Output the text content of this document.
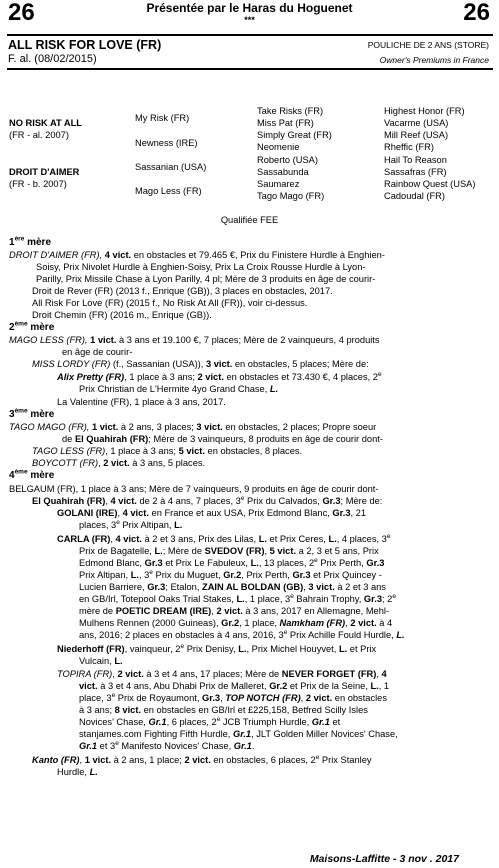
26	26
Présentée par le Haras du Hoguenet
***
ALL RISK FOR LOVE (FR)
F. al. (08/02/2015)
POULICHE DE 2 ANS (STORE)
Owner's Premiums in France
NO RISK AT ALL
(FR - al. 2007)
DROIT D'AIMER
(FR - b. 2007)
My Risk (FR)
Newness (IRE)
Sassanian (USA)
Mago Less (FR)
Take Risks (FR)
Miss Pat (FR)
Simply Great (FR)
Neomenie
Roberto (USA)
Sassabunda
Saumarez
Tago Mago (FR)
Highest Honor (FR)
Vacarme (USA)
Mill Reef (USA)
Rheffic (FR)
Hail To Reason
Sassafras (FR)
Rainbow Quest (USA)
Cadoudal (FR)
Qualifiée FEE
1ère mère
DROIT D'AIMER (FR), 4 vict. en obstacles et 79.465 €, Prix du Finistere Hurdle à Enghien-
Soisy, Prix Nivolet Hurdle à Enghien-Soisy, Prix La Croix Rousse Hurdle à Lyon-
Parilly, Prix Missile Chase à Lyon Parilly, 4 pl; Mère de 3 produits en âge de courir-
Droit de Rever (FR) (2013 f., Enrique (GB)), 3 places en obstacles, 2017.
All Risk For Love (FR) (2015 f., No Risk At All (FR)), voir ci-dessus.
Droit Chemin (FR) (2016 m., Enrique (GB)).
2ème mère
MAGO LESS (FR), 1 vict. à 3 ans et 19.100 €, 7 places; Mère de 2 vainqueurs, 4 produits
en âge de courir-
MISS LORDY (FR) (f., Sassanian (USA)), 3 vict. en obstacles, 5 places; Mère de:
Alix Pretty (FR), 1 place à 3 ans; 2 vict. en obstacles et 73.430 €, 4 places, 2e
Prix Christian de L'Hermite 4yo Grand Chase, L.
La Valentine (FR), 1 place à 3 ans, 2017.
3ème mère
TAGO MAGO (FR), 1 vict. à 2 ans, 3 places; 3 vict. en obstacles, 2 places; Propre soeur
de El Quahirah (FR); Mère de 3 vainqueurs, 8 produits en âge de courir dont-
TAGO LESS (FR), 1 place à 3 ans; 5 vict. en obstacles, 8 places.
BOYCOTT (FR), 2 vict. à 3 ans, 5 places.
4ème mère
BELGAUM (FR), 1 place à 3 ans; Mère de 7 vainqueurs, 9 produits en âge de courir dont-
El Quahirah (FR), 4 vict. de 2 à 4 ans, 7 places, 3e Prix du Calvados, Gr.3; Mère de:
GOLANI (IRE), 4 vict. en France et aux USA, Prix Edmond Blanc, Gr.3, 21
places, 3e Prix Altipan, L.
CARLA (FR), 4 vict. à 2 et 3 ans, Prix des Lilas, L. et Prix Ceres, L., 4 places, 3e
Prix de Bagatelle, L.; Mère de SVEDOV (FR), 5 vict. a 2, 3 et 5 ans, Prix
Edmond Blanc, Gr.3 et Prix Le Fabuleux, L., 13 places, 2e Prix Perth, Gr.3
Prix Altipan, L., 3e Prix du Muguet, Gr.2, Prix Perth, Gr.3 et Prix Quincey -
Lucien Barriere, Gr.3; Etalon, ZAIN AL BOLDAN (GB), 3 vict. à 2 et 3 ans
en GB/Irl, Totepool Oaks Trial Stakes, L., 1 place, 3e Bahrain Trophy, Gr.3; 2e
mère de POETIC DREAM (IRE), 2 vict. à 3 ans, 2017 en Allemagne, Mehl-
Mulhens Rennen (2000 Guineas), Gr.2, 1 place, Namkham (FR), 2 vict. à 4
ans, 2016; 2 places en obstacles à 4 ans, 2016, 3e Prix Achille Fould Hurdle, L.
Niederhoff (FR), vainqueur, 2e Prix Denisy, L., Prix Michel Houyvet, L. et Prix
Vulcain, L.
TOPIRA (FR), 2 vict. à 3 et 4 ans, 17 places; Mère de NEVER FORGET (FR), 4
vict. à 3 et 4 ans, Abu Dhabi Prix de Malleret, Gr.2 et Prix de la Seine, L., 1
place, 3e Prix de Royaumont, Gr.3, TOP NOTCH (FR), 2 vict. en obstacles
à 3 ans; 8 vict. en obstacles en GB/Irl et £225,158, Betfred Scilly Isles
Novices' Chase, Gr.1, 6 places, 2e JCB Triumph Hurdle, Gr.1 et
stanjames.com Fighting Fifth Hurdle, Gr.1, JLT Golden Miller Novices' Chase,
Gr.1 et 3e Manifesto Novices' Chase, Gr.1.
Kanto (FR), 1 vict. à 2 ans, 1 place; 2 vict. en obstacles, 6 places, 2e Prix Stanley
Hurdle, L.
Maisons-Laffitte - 3 nov . 2017
